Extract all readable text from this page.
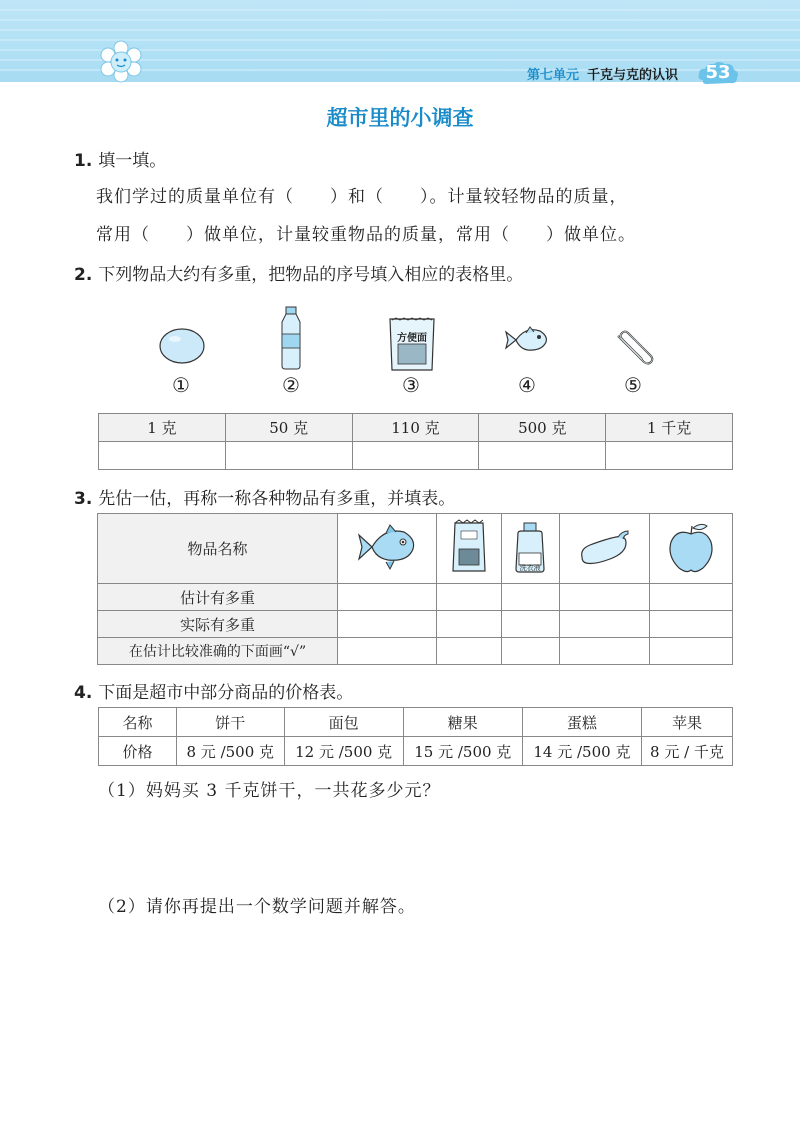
第七单元 千克与克的认识	53
超市里的小调查
1. 填一填。
我们学过的质量单位有（　　）和（　　）。计量较轻物品的质量，
常用（　　）做单位，计量较重物品的质量，常用（　　）做单位。
2. 下列物品大约有多重，把物品的序号填入相应的表格里。
方便面
①	②	③	④	⑤
1 克	50 克	110 克	500 克	1 千克

3. 先估一估，再称一称各种物品有多重，并填表。
物品名称			洗衣液

估计有多重					
实际有多重					
在估计比较准确的下面画“√”					
4. 下面是超市中部分商品的价格表。
名称	饼干	面包	糖果	蛋糕	苹果
价格	8 元 /500 克	12 元 /500 克	15 元 /500 克	14 元 /500 克	8 元 / 千克
（1）妈妈买 3 千克饼干，一共花多少元？
（2）请你再提出一个数学问题并解答。
